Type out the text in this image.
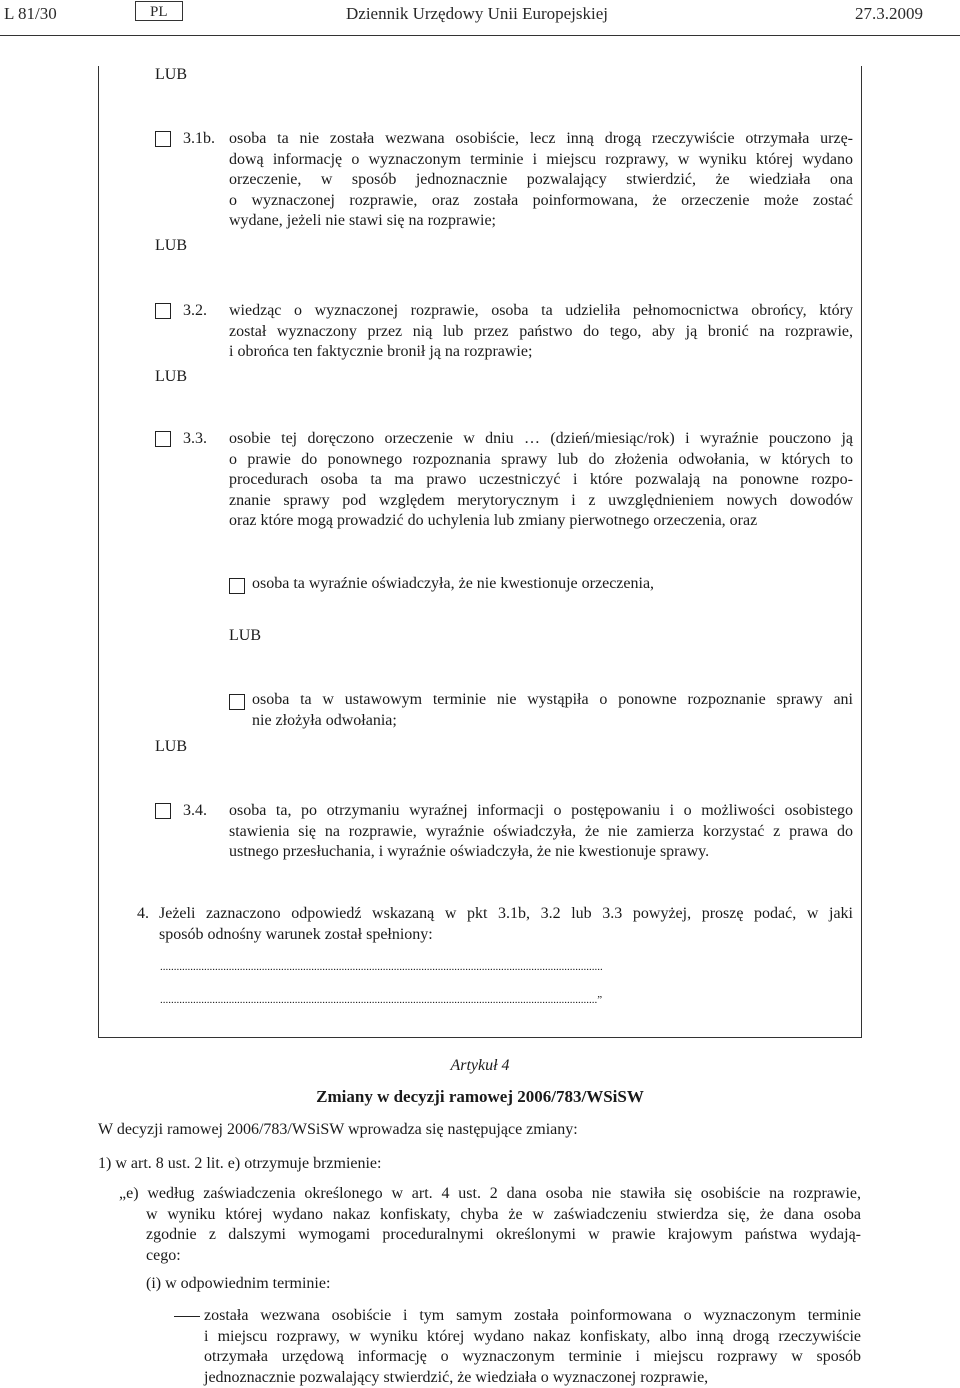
L 81/30	PL	Dziennik Urzędowy Unii Europejskiej	27.3.2009
LUB
3.1b. osoba ta nie została wezwana osobiście, lecz inną drogą rzeczywiście otrzymała urzę-
dową informację o wyznaczonym terminie i miejscu rozprawy, w wyniku której wydano
orzeczenie, w sposób jednoznacznie pozwalający stwierdzić, że wiedziała ona
o wyznaczonej rozprawie, oraz została poinformowana, że orzeczenie może zostać
wydane, jeżeli nie stawi się na rozprawie;
LUB
3.2. wiedząc o wyznaczonej rozprawie, osoba ta udzieliła pełnomocnictwa obrońcy, który
został wyznaczony przez nią lub przez państwo do tego, aby ją bronić na rozprawie,
i obrońca ten faktycznie bronił ją na rozprawie;
LUB
3.3. osobie tej doręczono orzeczenie w dniu … (dzień/miesiąc/rok) i wyraźnie pouczono ją
o prawie do ponownego rozpoznania sprawy lub do złożenia odwołania, w których to
procedurach osoba ta ma prawo uczestniczyć i które pozwalają na ponowne rozpo-
znanie sprawy pod względem merytorycznym i z uwzględnieniem nowych dowodów
oraz które mogą prowadzić do uchylenia lub zmiany pierwotnego orzeczenia, oraz
osoba ta wyraźnie oświadczyła, że nie kwestionuje orzeczenia,
LUB
osoba ta w ustawowym terminie nie wystąpiła o ponowne rozpoznanie sprawy ani
nie złożyła odwołania;
LUB
3.4. osoba ta, po otrzymaniu wyraźnej informacji o postępowaniu i o możliwości osobistego
stawienia się na rozprawie, wyraźnie oświadczyła, że nie zamierza korzystać z prawa do
ustnego przesłuchania, i wyraźnie oświadczyła, że nie kwestionuje sprawy.
4. Jeżeli zaznaczono odpowiedź wskazaną w pkt 3.1b, 3.2 lub 3.3 powyżej, proszę podać, w jaki
sposób odnośny warunek został spełniony:
.................................................................................................................................................................
...............................................................................................................................................................”
Artykuł 4
Zmiany w decyzji ramowej 2006/783/WSiSW
W decyzji ramowej 2006/783/WSiSW wprowadza się następujące zmiany:
1) w art. 8 ust. 2 lit. e) otrzymuje brzmienie:
„e) według zaświadczenia określonego w art. 4 ust. 2 dana osoba nie stawiła się osobiście na rozprawie,
w wyniku której wydano nakaz konfiskaty, chyba że w zaświadczeniu stwierdza się, że dana osoba
zgodnie z dalszymi wymogami proceduralnymi określonymi w prawie krajowym państwa wydają-
cego:
(i) w odpowiednim terminie:
została wezwana osobiście i tym samym została poinformowana o wyznaczonym terminie
i miejscu rozprawy, w wyniku której wydano nakaz konfiskaty, albo inną drogą rzeczywiście
otrzymała urzędową informację o wyznaczonym terminie i miejscu rozprawy w sposób
jednoznacznie pozwalający stwierdzić, że wiedziała o wyznaczonej rozprawie,
